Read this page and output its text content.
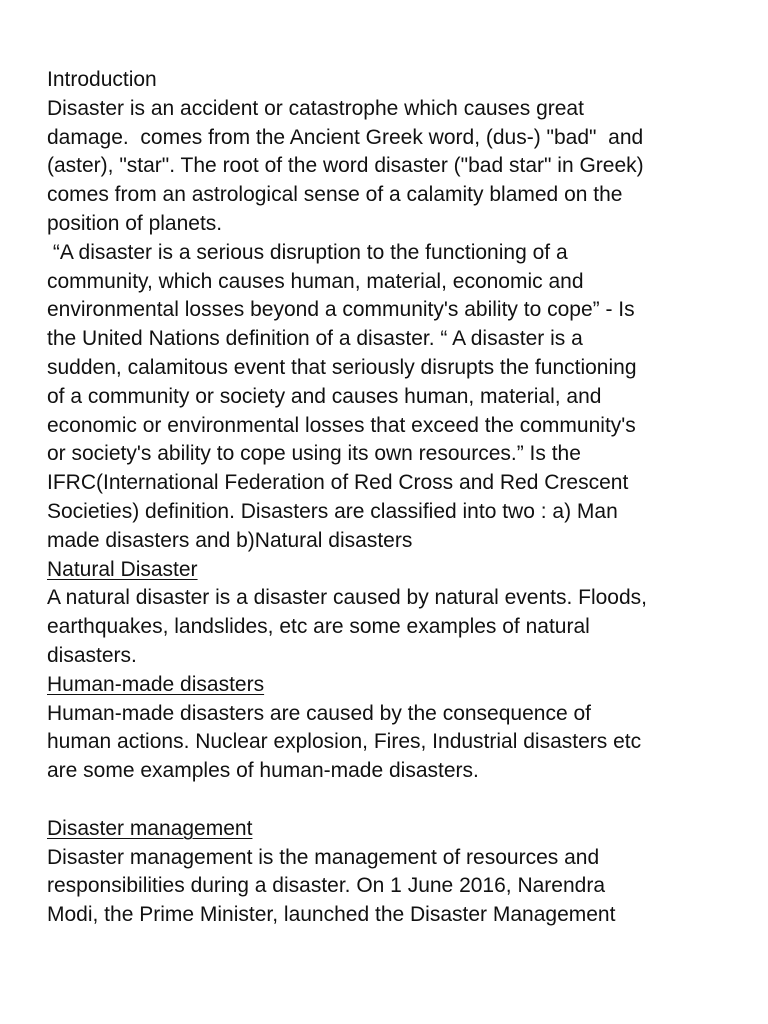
Introduction

Disaster is an accident or catastrophe which causes great
damage.  comes from the Ancient Greek word, (dus-) "bad"  and
(aster), "star". The root of the word disaster ("bad star" in Greek)
comes from an astrological sense of a calamity blamed on the
position of planets.
“A disaster is a serious disruption to the functioning of a
community, which causes human, material, economic and
environmental losses beyond a community's ability to cope” - Is
the United Nations definition of a disaster. “ A disaster is a
sudden, calamitous event that seriously disrupts the functioning
of a community or society and causes human, material, and
economic or environmental losses that exceed the community's
or society's ability to cope using its own resources.” Is the
IFRC(International Federation of Red Cross and Red Crescent
Societies) definition. Disasters are classified into two : a) Man
made disasters and b)Natural disasters

Natural Disaster

A natural disaster is a disaster caused by natural events. Floods,
earthquakes, landslides, etc are some examples of natural
disasters.

Human-made disasters

Human-made disasters are caused by the consequence of
human actions. Nuclear explosion, Fires, Industrial disasters etc
are some examples of human-made disasters.

Disaster management

Disaster management is the management of resources and
responsibilities during a disaster. On 1 June 2016, Narendra
Modi, the Prime Minister, launched the Disaster Management
